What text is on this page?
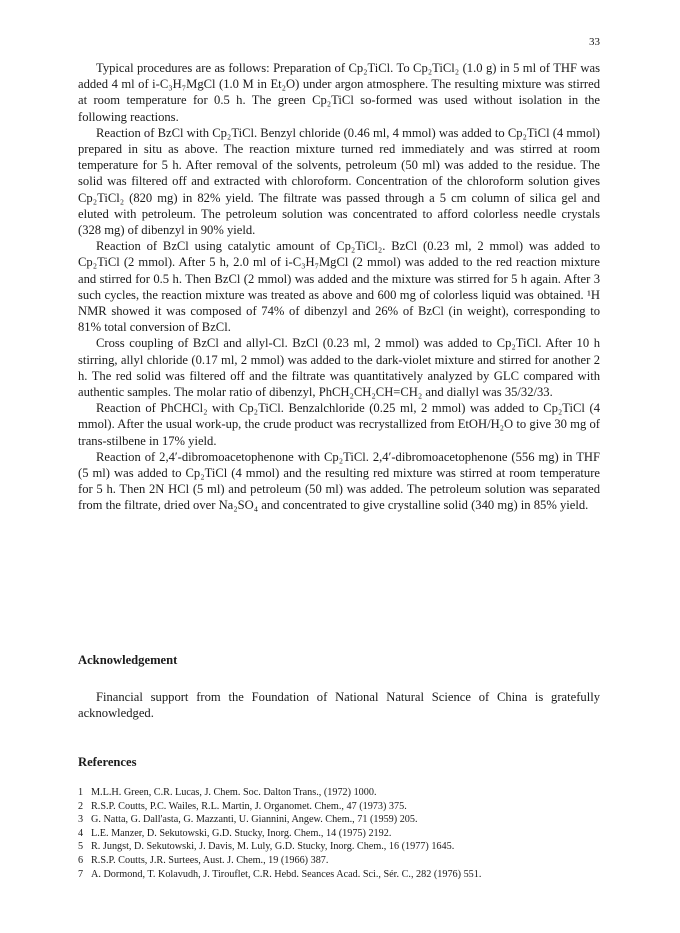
33

Typical procedures are as follows: Preparation of Cp₂TiCl. To Cp₂TiCl₂ (1.0 g) in 5 ml of THF was added 4 ml of i-C₃H₇MgCl (1.0 M in Et₂O) under argon atmosphere. The resulting mixture was stirred at room temperature for 0.5 h. The green Cp₂TiCl so-formed was used without isolation in the following reactions.

Reaction of BzCl with Cp₂TiCl. Benzyl chloride (0.46 ml, 4 mmol) was added to Cp₂TiCl (4 mmol) prepared in situ as above. The reaction mixture turned red immediately and was stirred at room temperature for 5 h. After removal of the solvents, petroleum (50 ml) was added to the residue. The solid was filtered off and extracted with chloroform. Concentration of the chloroform solution gives Cp₂TiCl₂ (820 mg) in 82% yield. The filtrate was passed through a 5 cm column of silica gel and eluted with petroleum. The petroleum solution was concentrated to afford colorless needle crystals (328 mg) of dibenzyl in 90% yield.

Reaction of BzCl using catalytic amount of Cp₂TiCl₂. BzCl (0.23 ml, 2 mmol) was added to Cp₂TiCl (2 mmol). After 5 h, 2.0 ml of i-C₃H₇MgCl (2 mmol) was added to the red reaction mixture and stirred for 0.5 h. Then BzCl (2 mmol) was added and the mixture was stirred for 5 h again. After 3 such cycles, the reaction mixture was treated as above and 600 mg of colorless liquid was obtained. ¹H NMR showed it was composed of 74% of dibenzyl and 26% of BzCl (in weight), corresponding to 81% total conversion of BzCl.

Cross coupling of BzCl and allyl-Cl. BzCl (0.23 ml, 2 mmol) was added to Cp₂TiCl. After 10 h stirring, allyl chloride (0.17 ml, 2 mmol) was added to the dark-violet mixture and stirred for another 2 h. The red solid was filtered off and the filtrate was quantitatively analyzed by GLC compared with authentic samples. The molar ratio of dibenzyl, PhCH₂CH₂CH=CH₂ and diallyl was 35/32/33.

Reaction of PhCHCl₂ with Cp₂TiCl. Benzalchloride (0.25 ml, 2 mmol) was added to Cp₂TiCl (4 mmol). After the usual work-up, the crude product was recrystallized from EtOH/H₂O to give 30 mg of trans-stilbene in 17% yield.

Reaction of 2,4′-dibromoacetophenone with Cp₂TiCl. 2,4′-dibromoacetophenone (556 mg) in THF (5 ml) was added to Cp₂TiCl (4 mmol) and the resulting red mixture was stirred at room temperature for 5 h. Then 2N HCl (5 ml) and petroleum (50 ml) was added. The petroleum solution was separated from the filtrate, dried over Na₂SO₄ and concentrated to give crystalline solid (340 mg) in 85% yield.

Acknowledgement

Financial support from the Foundation of National Natural Science of China is gratefully acknowledged.

References
1 M.L.H. Green, C.R. Lucas, J. Chem. Soc. Dalton Trans., (1972) 1000.
2 R.S.P. Coutts, P.C. Wailes, R.L. Martin, J. Organomet. Chem., 47 (1973) 375.
3 G. Natta, G. Dall'asta, G. Mazzanti, U. Giannini, Angew. Chem., 71 (1959) 205.
4 L.E. Manzer, D. Sekutowski, G.D. Stucky, Inorg. Chem., 14 (1975) 2192.
5 R. Jungst, D. Sekutowski, J. Davis, M. Luly, G.D. Stucky, Inorg. Chem., 16 (1977) 1645.
6 R.S.P. Coutts, J.R. Surtees, Aust. J. Chem., 19 (1966) 387.
7 A. Dormond, T. Kolavudh, J. Tirouflet, C.R. Hebd. Seances Acad. Sci., Sér. C., 282 (1976) 551.
